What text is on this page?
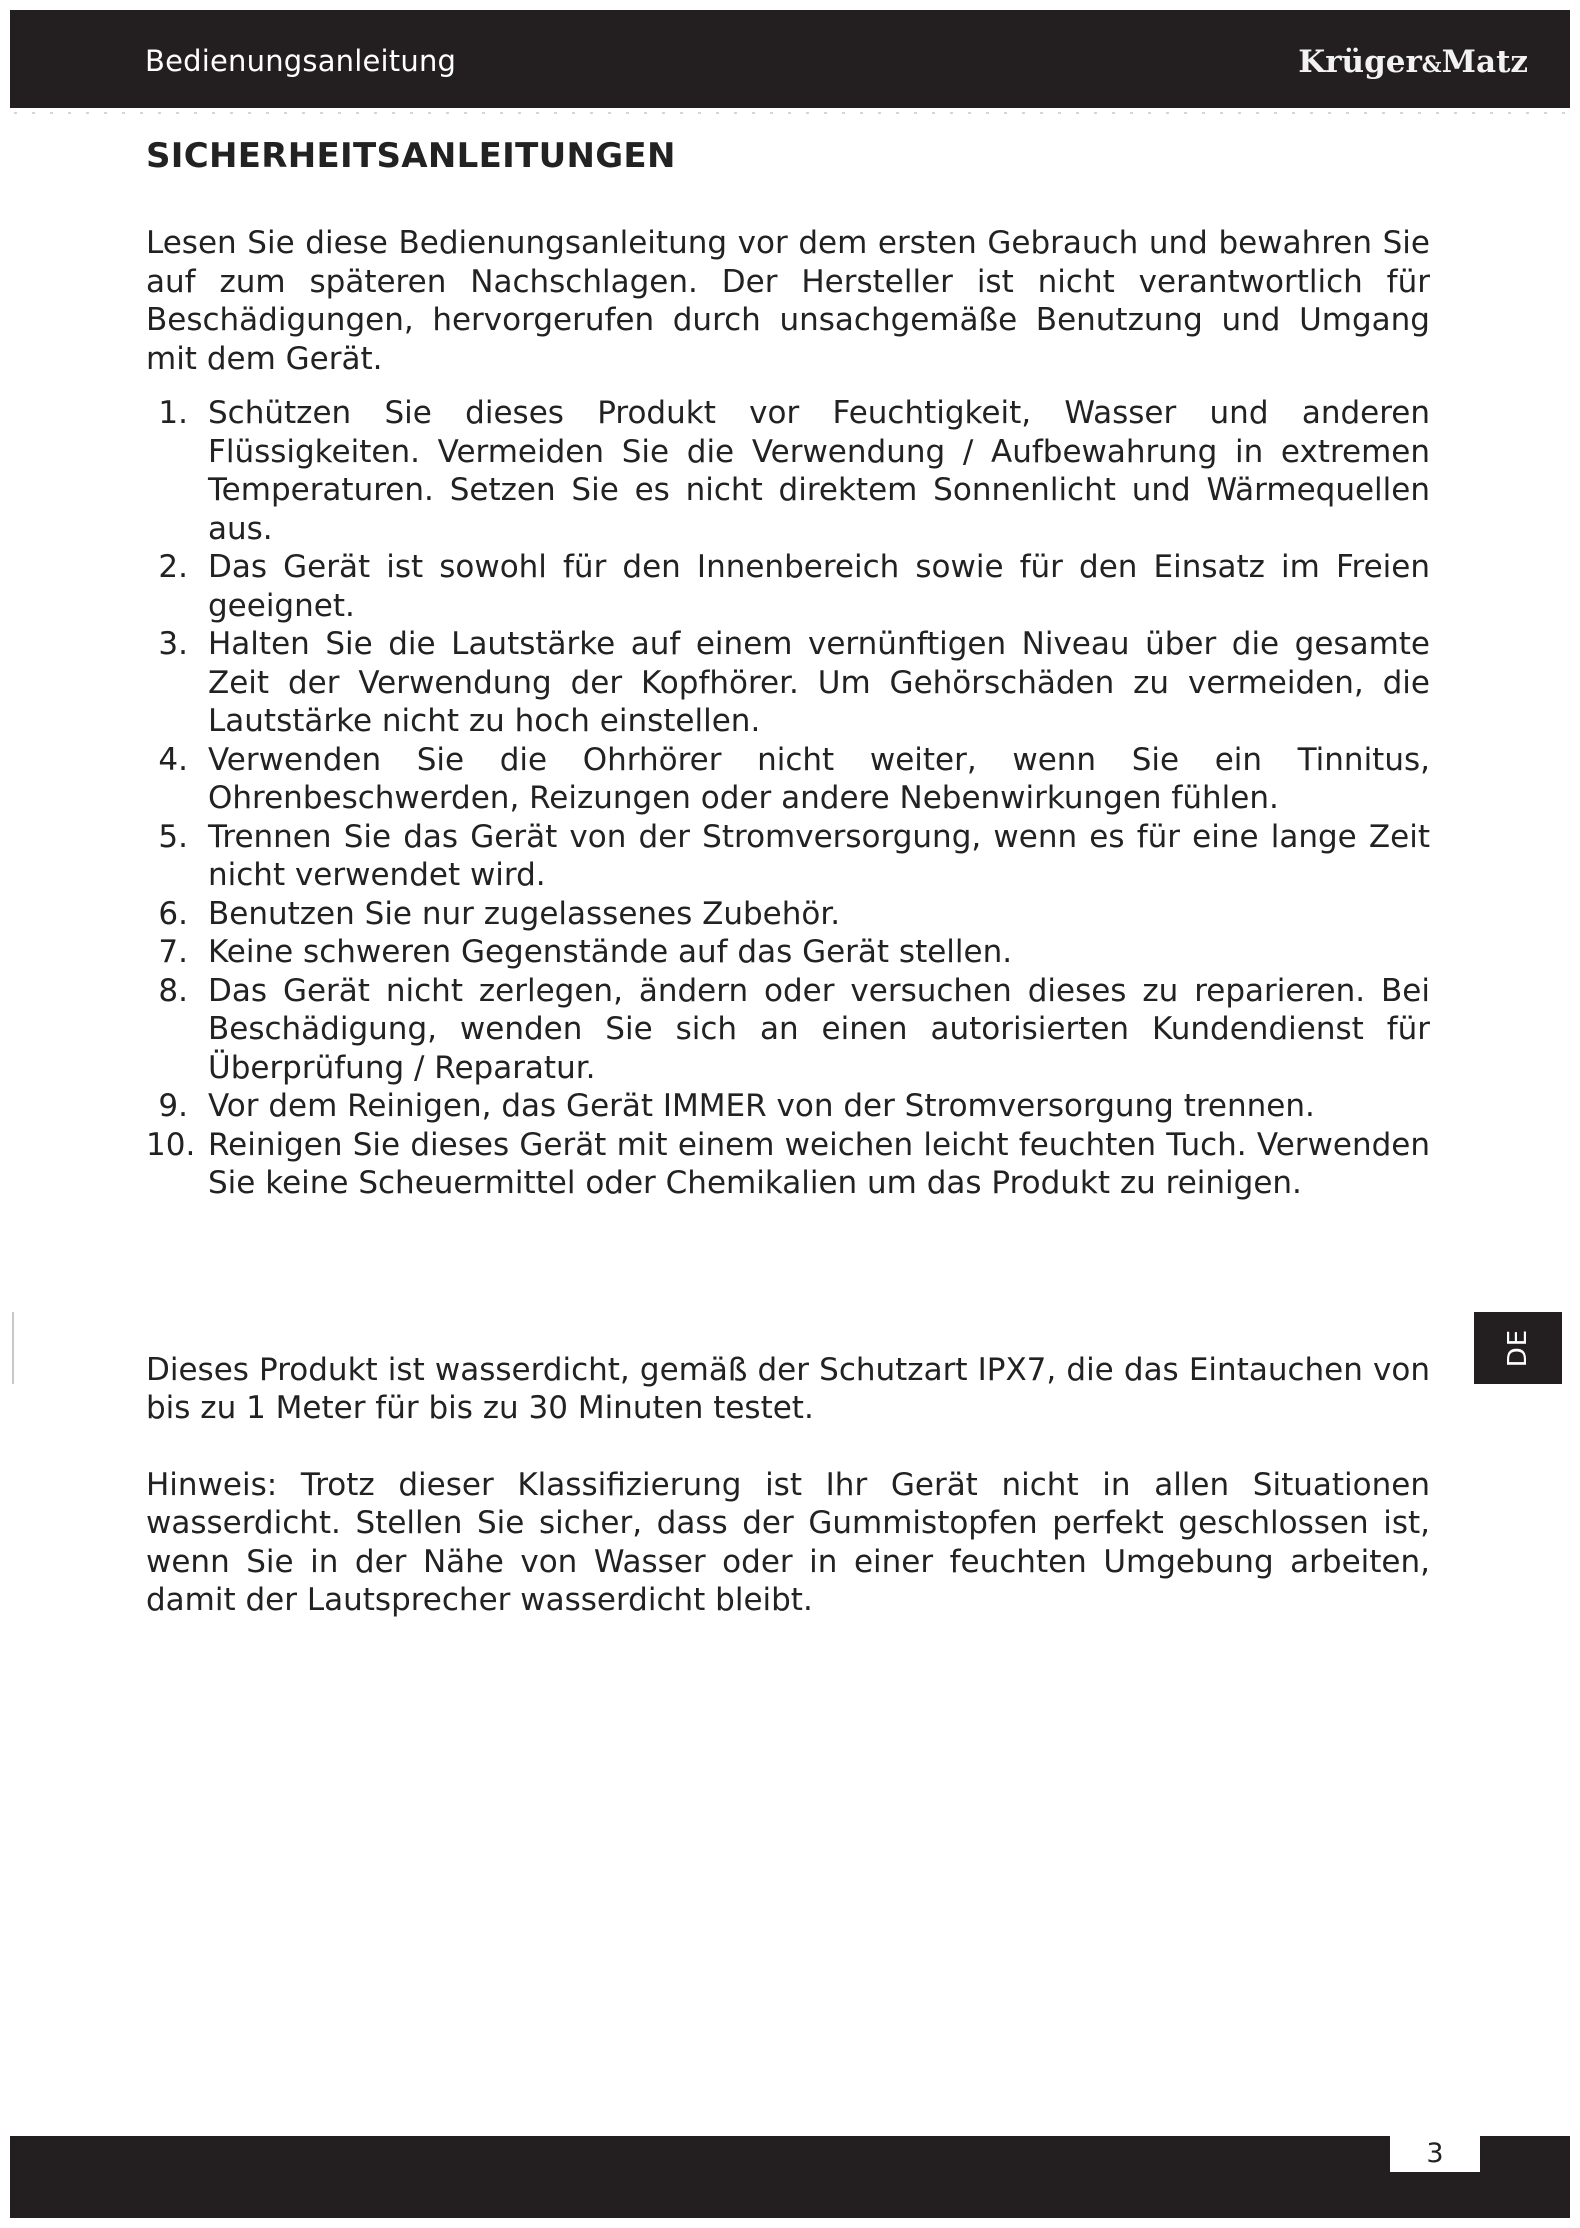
Bedienungsanleitung	Krüger&Matz
SICHERHEITSANLEITUNGEN

Lesen Sie diese Bedienungsanleitung vor dem ersten Gebrauch und bewahren Sie auf zum späteren Nachschlagen. Der Hersteller ist nicht verantwortlich für Beschädigungen, hervorgerufen durch unsachgemäße Benutzung und Umgang mit dem Gerät.

1. Schützen Sie dieses Produkt vor Feuchtigkeit, Wasser und anderen Flüssigkeiten. Vermeiden Sie die Verwendung / Aufbewahrung in extremen Temperaturen. Setzen Sie es nicht direktem Sonnenlicht und Wärmequellen aus.
2. Das Gerät ist sowohl für den Innenbereich sowie für den Einsatz im Freien geeignet.
3. Halten Sie die Lautstärke auf einem vernünftigen Niveau über die gesamte Zeit der Verwendung der Kopfhörer. Um Gehörschäden zu vermeiden, die Lautstärke nicht zu hoch einstellen.
4. Verwenden Sie die Ohrhörer nicht weiter, wenn Sie ein Tinnitus, Ohrenbeschwerden, Reizungen oder andere Nebenwirkungen fühlen.
5. Trennen Sie das Gerät von der Stromversorgung, wenn es für eine lange Zeit nicht verwendet wird.
6. Benutzen Sie nur zugelassenes Zubehör.
7. Keine schweren Gegenstände auf das Gerät stellen.
8. Das Gerät nicht zerlegen, ändern oder versuchen dieses zu reparieren. Bei Beschädigung, wenden Sie sich an einen autorisierten Kundendienst für Überprüfung / Reparatur.
9. Vor dem Reinigen, das Gerät IMMER von der Stromversorgung trennen.
10. Reinigen Sie dieses Gerät mit einem weichen leicht feuchten Tuch. Verwenden Sie keine Scheuermittel oder Chemikalien um das Produkt zu reinigen.

Dieses Produkt ist wasserdicht, gemäß der Schutzart IPX7, die das Eintauchen von bis zu 1 Meter für bis zu 30 Minuten testet.

Hinweis: Trotz dieser Klassifizierung ist Ihr Gerät nicht in allen Situationen wasserdicht. Stellen Sie sicher, dass der Gummistopfen perfekt geschlossen ist, wenn Sie in der Nähe von Wasser oder in einer feuchten Umgebung arbeiten, damit der Lautsprecher wasserdicht bleibt.

DE
3
